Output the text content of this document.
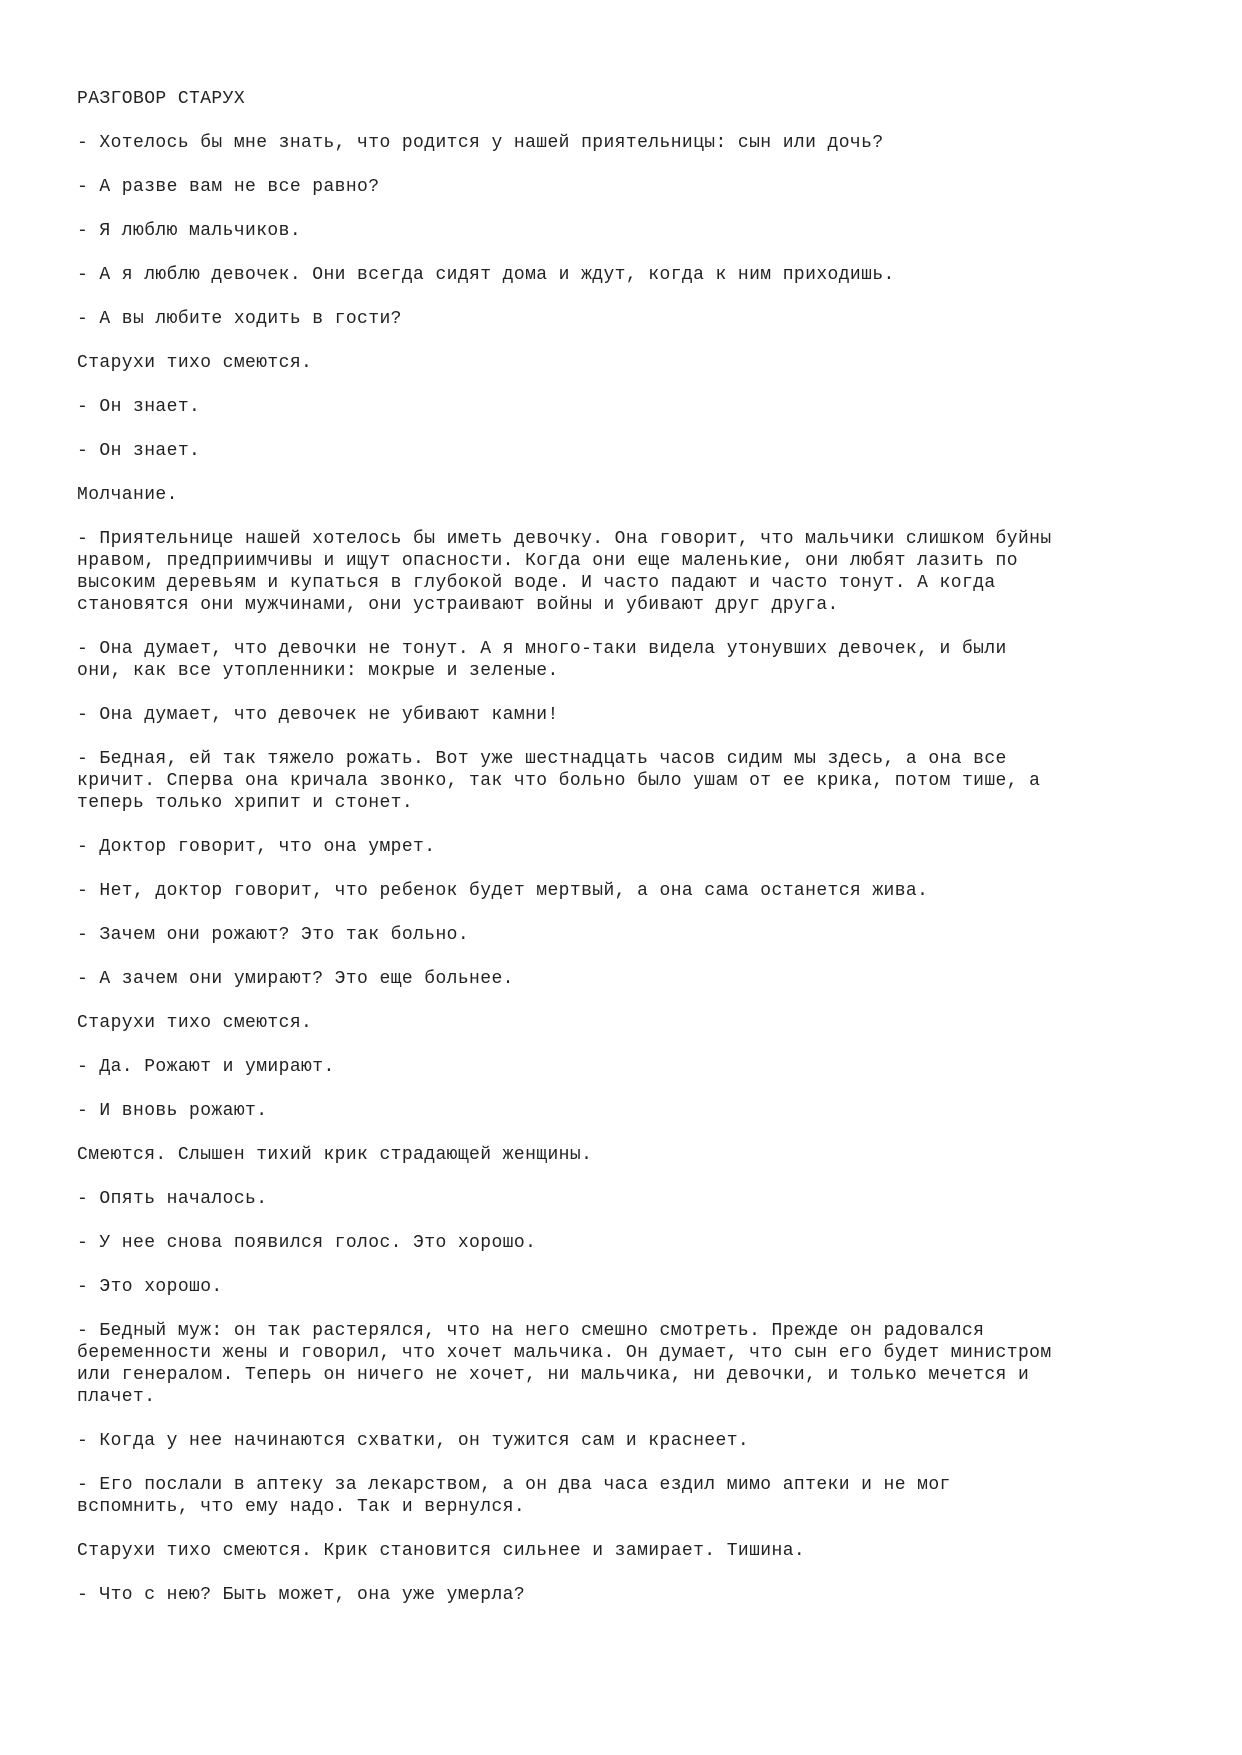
РАЗГОВОР СТАРУХ
- Хотелось бы мне знать, что родится у нашей приятельницы: сын или дочь?
- А разве вам не все равно?
- Я люблю мальчиков.
- А я люблю девочек. Они всегда сидят дома и ждут, когда к ним приходишь.
- А вы любите ходить в гости?
Старухи тихо смеются.
- Он знает.
- Он знает.
Молчание.
- Приятельнице нашей хотелось бы иметь девочку. Она говорит, что мальчики слишком буйны
нравом, предприимчивы и ищут опасности. Когда они еще маленькие, они любят лазить по
высоким деревьям и купаться в глубокой воде. И часто падают и часто тонут. А когда
становятся они мужчинами, они устраивают войны и убивают друг друга.
- Она думает, что девочки не тонут. А я много-таки видела утонувших девочек, и были
они, как все утопленники: мокрые и зеленые.
- Она думает, что девочек не убивают камни!
- Бедная, ей так тяжело рожать. Вот уже шестнадцать часов сидим мы здесь, а она все
кричит. Сперва она кричала звонко, так что больно было ушам от ее крика, потом тише, а
теперь только хрипит и стонет.
- Доктор говорит, что она умрет.
- Нет, доктор говорит, что ребенок будет мертвый, а она сама останется жива.
- Зачем они рожают? Это так больно.
- А зачем они умирают? Это еще больнее.
Старухи тихо смеются.
- Да. Рожают и умирают.
- И вновь рожают.
Смеются. Слышен тихий крик страдающей женщины.
- Опять началось.
- У нее снова появился голос. Это хорошо.
- Это хорошо.
- Бедный муж: он так растерялся, что на него смешно смотреть. Прежде он радовался
беременности жены и говорил, что хочет мальчика. Он думает, что сын его будет министром
или генералом. Теперь он ничего не хочет, ни мальчика, ни девочки, и только мечется и
плачет.
- Когда у нее начинаются схватки, он тужится сам и краснеет.
- Его послали в аптеку за лекарством, а он два часа ездил мимо аптеки и не мог
вспомнить, что ему надо. Так и вернулся.
Старухи тихо смеются. Крик становится сильнее и замирает. Тишина.
- Что с нею? Быть может, она уже умерла?
